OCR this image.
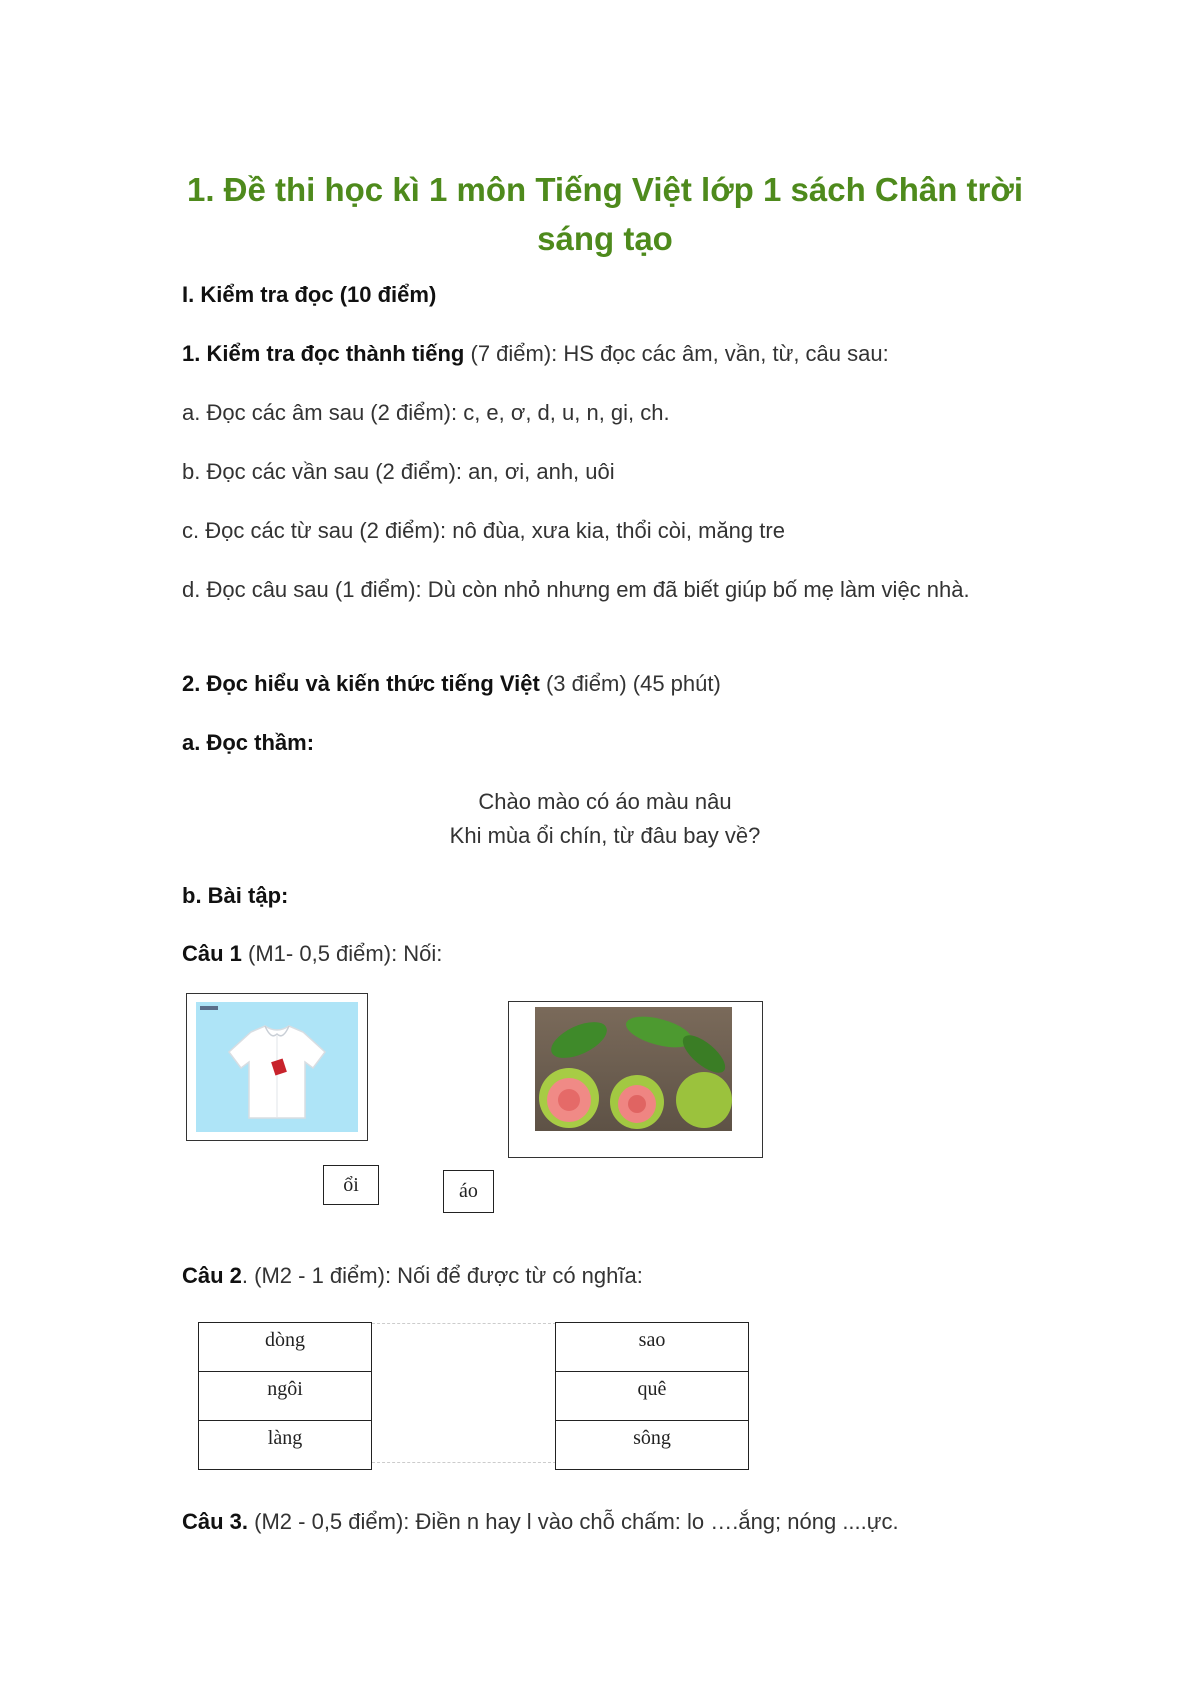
1. Đề thi học kì 1 môn Tiếng Việt lớp 1 sách Chân trời sáng tạo
I. Kiểm tra đọc (10 điểm)
1. Kiểm tra đọc thành tiếng (7 điểm): HS đọc các âm, vần, từ, câu sau:
a. Đọc các âm sau (2 điểm): c, e, ơ, d, u, n, gi, ch.
b. Đọc các vần sau (2 điểm): an, ơi, anh, uôi
c. Đọc các từ sau (2 điểm): nô đùa, xưa kia, thổi còi, măng tre
d. Đọc câu sau (1 điểm): Dù còn nhỏ nhưng em đã biết giúp bố mẹ làm việc nhà.
2. Đọc hiểu và kiến thức tiếng Việt (3 điểm) (45 phút)
a. Đọc thầm:
Chào mào có áo màu nâu
Khi mùa ổi chín, từ đâu bay về?
b. Bài tập:
Câu 1 (M1- 0,5 điểm): Nối:
ổi	áo
Câu 2. (M2 - 1 điểm): Nối để được từ có nghĩa:
dòng
ngôi
làng
sao
quê
sông
Câu 3. (M2 - 0,5 điểm): Điền n hay l vào chỗ chấm: lo ….ắng; nóng ....ực.
